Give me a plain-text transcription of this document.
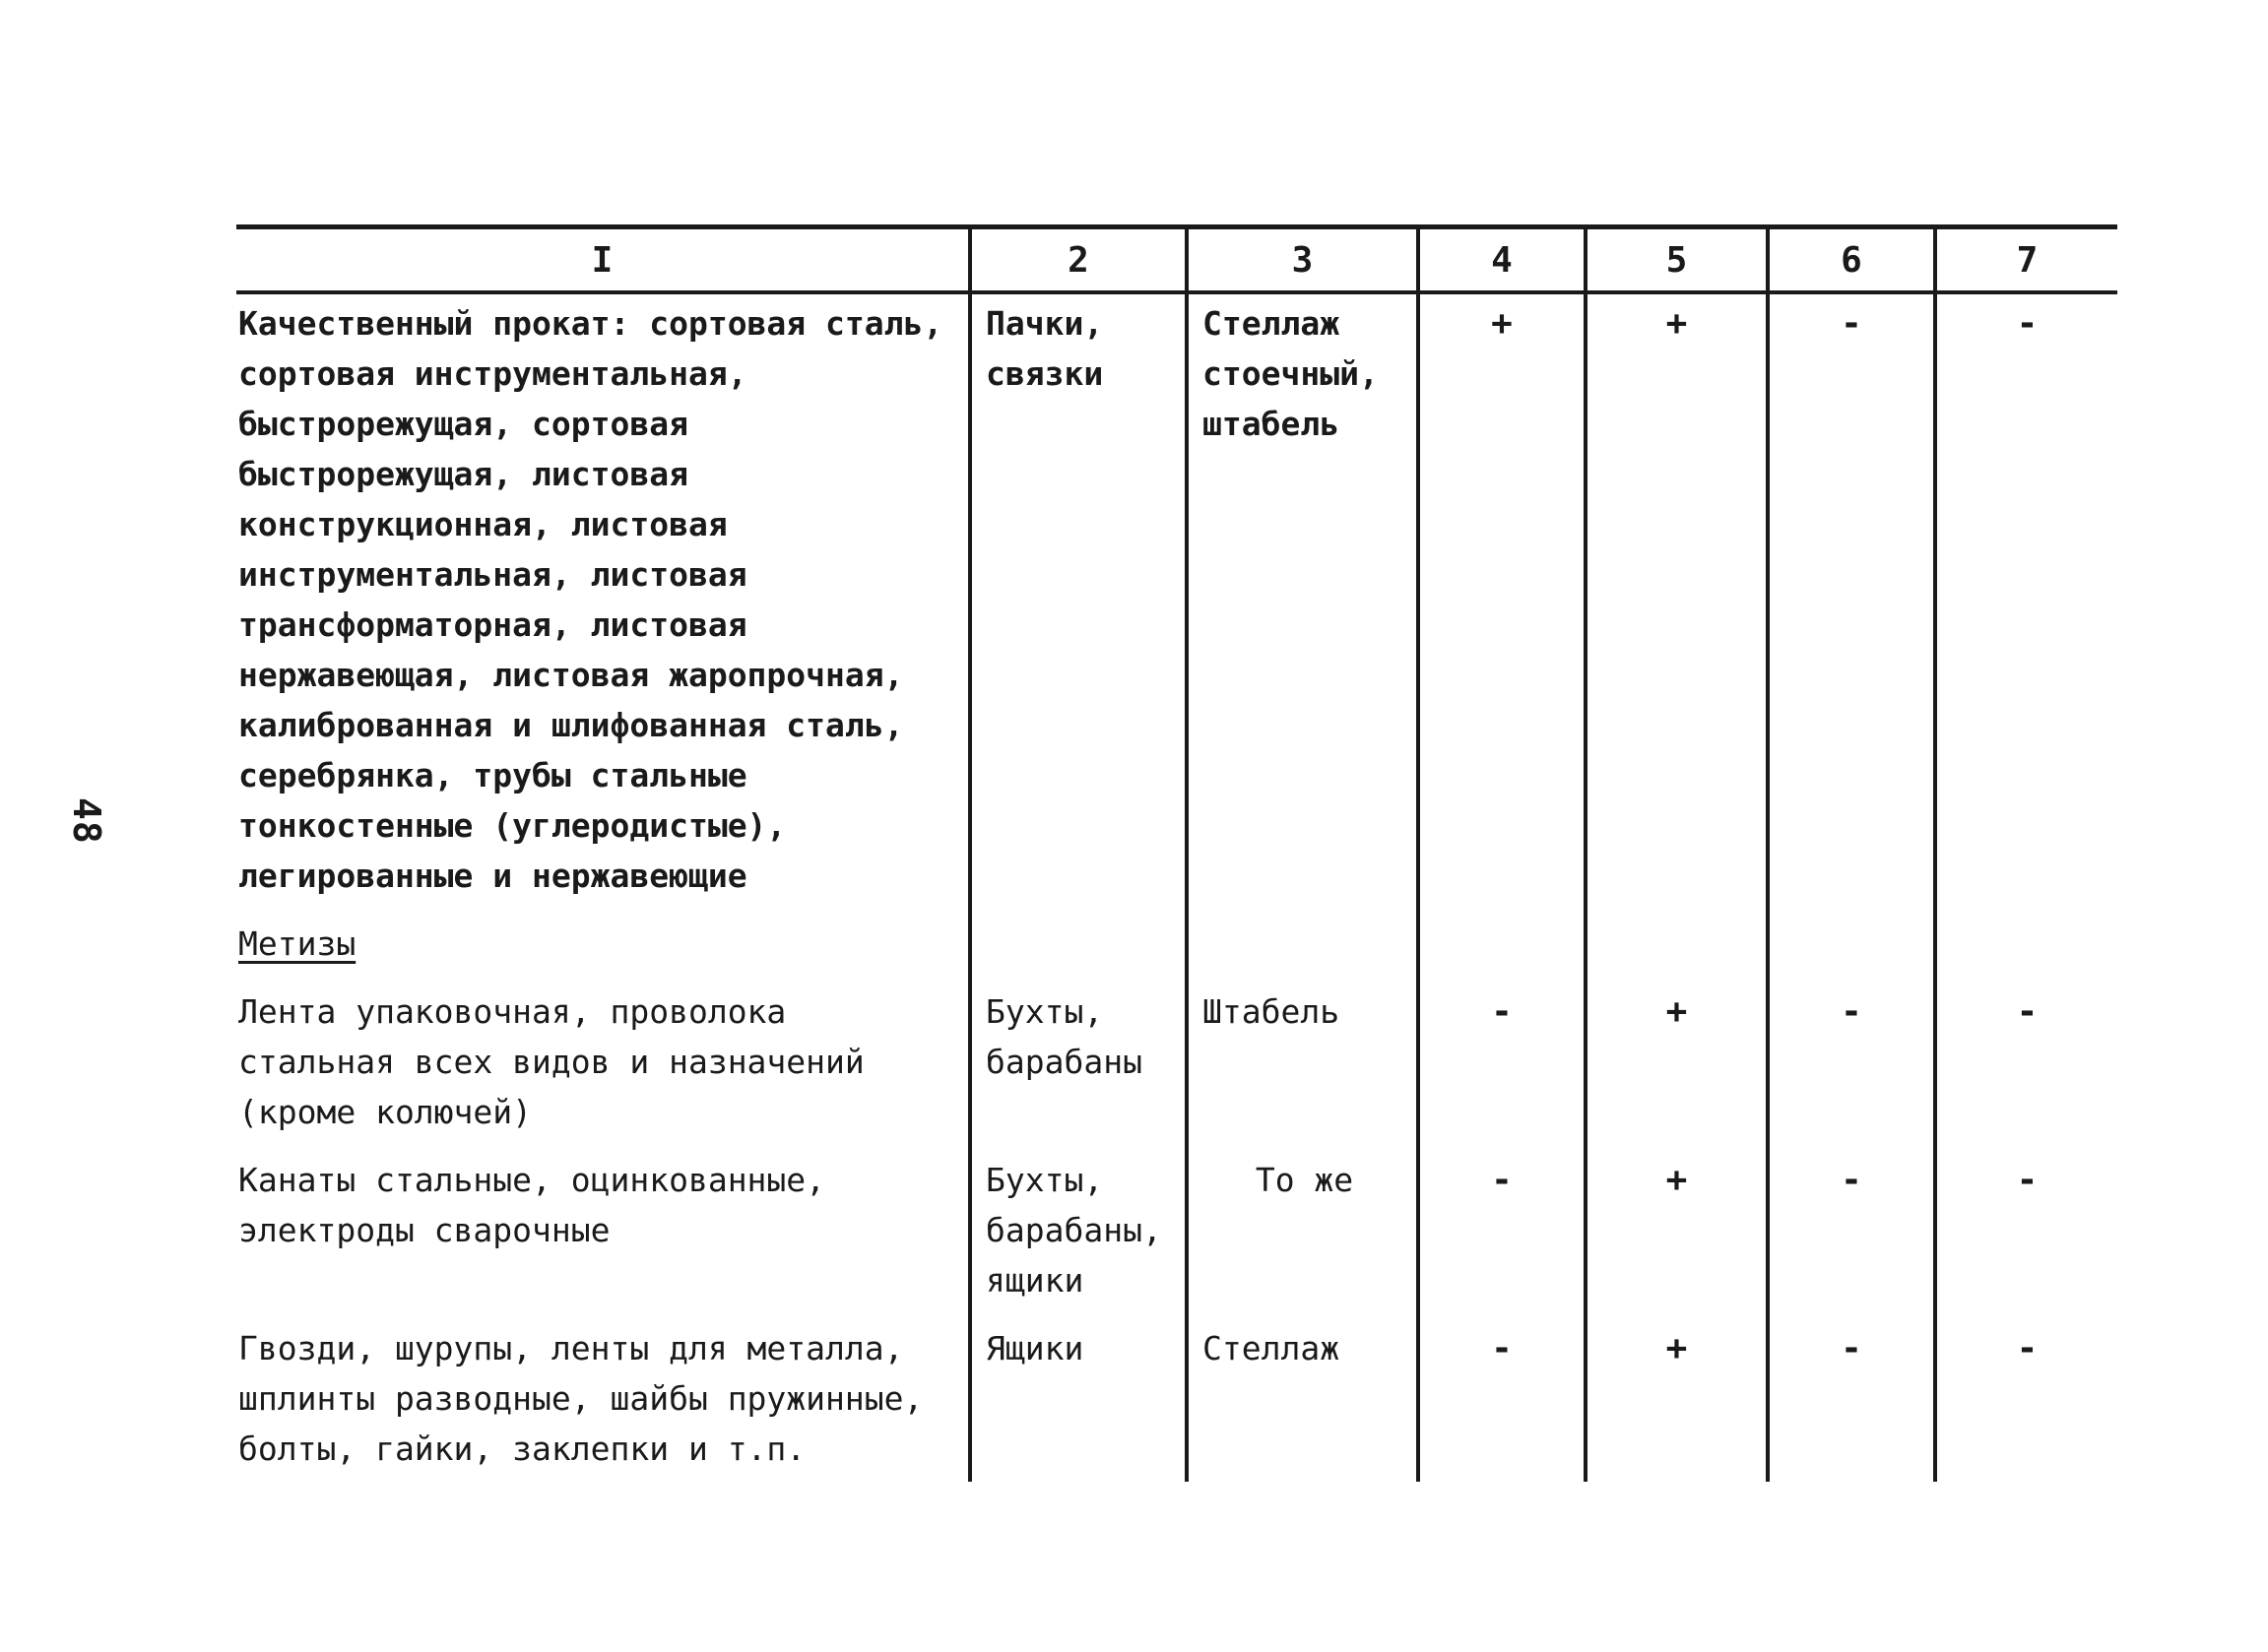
48
I	2	3	4	5	6	7
Качественный прокат: сортовая сталь, сортовая инструментальная, быстрорежущая, сортовая быстрорежущая, листовая конструкционная, листовая инструментальная, листовая трансформаторная, листовая нержавеющая, листовая жаропрочная, калиброванная и шлифованная сталь, серебрянка, трубы стальные тонкостенные (углеродистые), легированные и нержавеющие	Пачки, связки	Стеллаж стоечный, штабель	+	+	-	-
Метизы						
Лента упаковочная, проволока стальная всех видов и назначений (кроме колючей)	Бухты, барабаны	Штабель	-	+	-	-
Канаты стальные, оцинкованные, электроды сварочные	Бухты, барабаны, ящики	То же	-	+	-	-
Гвозди, шурупы, ленты для металла, шплинты разводные, шайбы пружинные, болты, гайки, заклепки и т.п.	Ящики	Стеллаж	-	+	-	-
